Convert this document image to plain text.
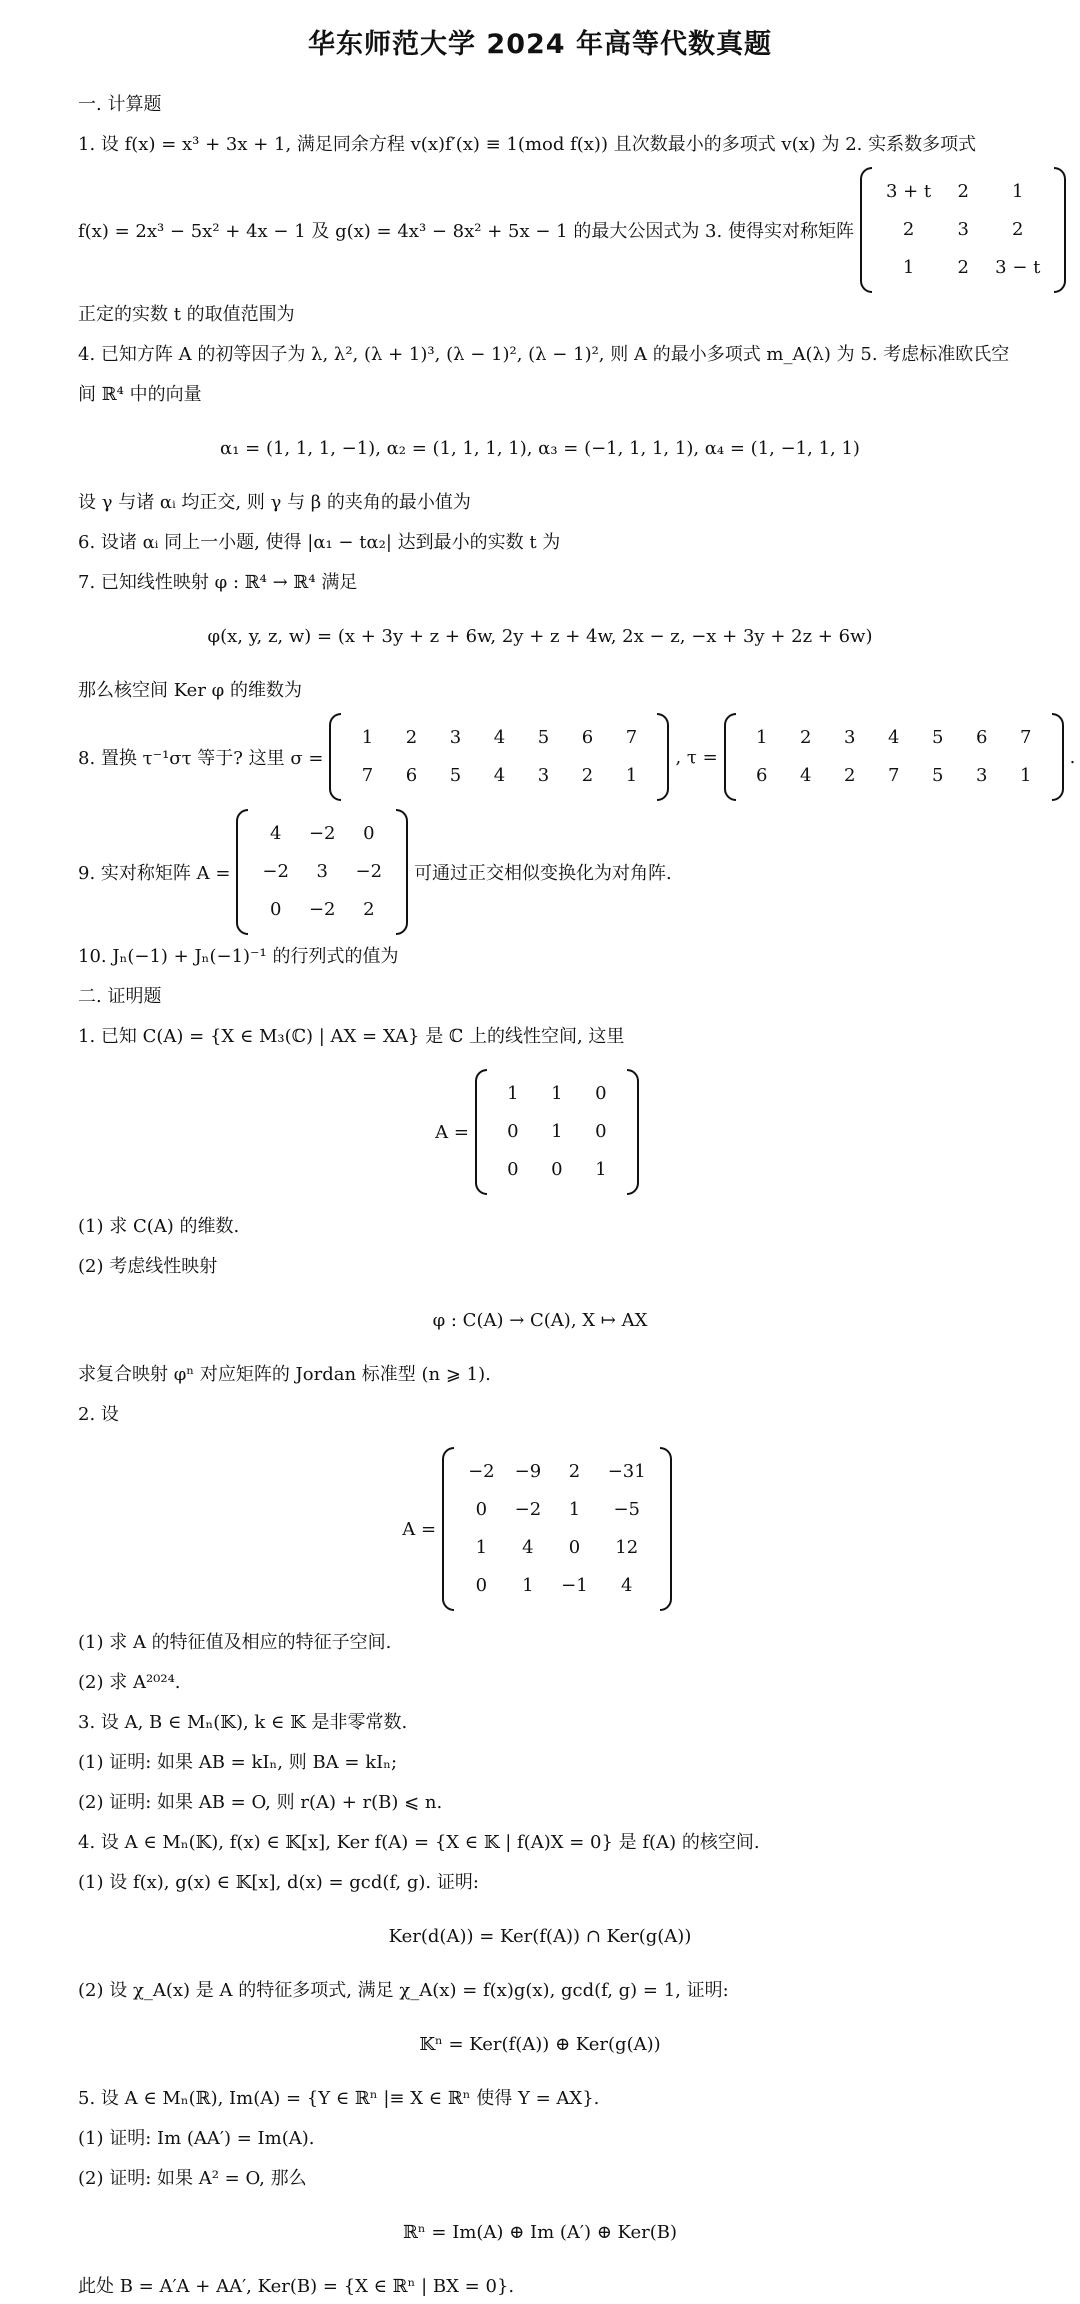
华东师范大学 2024 年高等代数真题

一. 计算题

1. 设 f(x) = x³ + 3x + 1, 满足同余方程 v(x)f′(x) ≡ 1(mod f(x)) 且次数最小的多项式 v(x) 为 2. 实系数多项式

f(x) = 2x³ − 5x² + 4x − 1 及 g(x) = 4x³ − 8x² + 5x − 1 的最大公因式为 3. 使得实对称矩阵
3 + t	2	1
2	3	2
1	2	3 − t

正定的实数 t 的取值范围为

4. 已知方阵 A 的初等因子为 λ, λ², (λ + 1)³, (λ − 1)², (λ − 1)², 则 A 的最小多项式 m_A(λ) 为 5. 考虑标准欧氏空

间 ℝ⁴ 中的向量

α₁ = (1, 1, 1, −1), α₂ = (1, 1, 1, 1), α₃ = (−1, 1, 1, 1), α₄ = (1, −1, 1, 1)

设 γ 与诸 αᵢ 均正交, 则 γ 与 β 的夹角的最小值为

6. 设诸 αᵢ 同上一小题, 使得 |α₁ − tα₂| 达到最小的实数 t 为

7. 已知线性映射 φ : ℝ⁴ → ℝ⁴ 满足

φ(x, y, z, w) = (x + 3y + z + 6w, 2y + z + 4w, 2x − z, −x + 3y + 2z + 6w)

那么核空间 Ker φ 的维数为

8. 置换 τ⁻¹στ 等于? 这里 σ =
1	2	3	4	5	6	7
7	6	5	4	3	2	1
, τ =
1	2	3	4	5	6	7
6	4	2	7	5	3	1
.
9. 实对称矩阵 A =
4	−2	0
−2	3	−2
0	−2	2
可通过正交相似变换化为对角阵.

10. Jₙ(−1) + Jₙ(−1)⁻¹ 的行列式的值为

二. 证明题

1. 已知 C(A) = {X ∈ M₃(ℂ) | AX = XA} 是 ℂ 上的线性空间, 这里

A =
1	1	0
0	1	0
0	0	1

(1) 求 C(A) 的维数.

(2) 考虑线性映射

φ : C(A) → C(A), X ↦ AX

求复合映射 φⁿ 对应矩阵的 Jordan 标准型 (n ⩾ 1).

2. 设

A =
−2	−9	2	−31
0	−2	1	−5
1	4	0	12
0	1	−1	4

(1) 求 A 的特征值及相应的特征子空间.

(2) 求 A²⁰²⁴.

3. 设 A, B ∈ Mₙ(𝕂), k ∈ 𝕂 是非零常数.

(1) 证明: 如果 AB = kIₙ, 则 BA = kIₙ;

(2) 证明: 如果 AB = O, 则 r(A) + r(B) ⩽ n.

4. 设 A ∈ Mₙ(𝕂), f(x) ∈ 𝕂[x], Ker f(A) = {X ∈ 𝕂 | f(A)X = 0} 是 f(A) 的核空间.

(1) 设 f(x), g(x) ∈ 𝕂[x], d(x) = gcd(f, g). 证明:

Ker(d(A)) = Ker(f(A)) ∩ Ker(g(A))

(2) 设 χ_A(x) 是 A 的特征多项式, 满足 χ_A(x) = f(x)g(x), gcd(f, g) = 1, 证明:

𝕂ⁿ = Ker(f(A)) ⊕ Ker(g(A))

5. 设 A ∈ Mₙ(ℝ), Im(A) = {Y ∈ ℝⁿ |≡ X ∈ ℝⁿ 使得 Y = AX}.

(1) 证明: Im (AA′) = Im(A).

(2) 证明: 如果 A² = O, 那么

ℝⁿ = Im(A) ⊕ Im (A′) ⊕ Ker(B)

此处 B = A′A + AA′, Ker(B) = {X ∈ ℝⁿ | BX = 0}.
